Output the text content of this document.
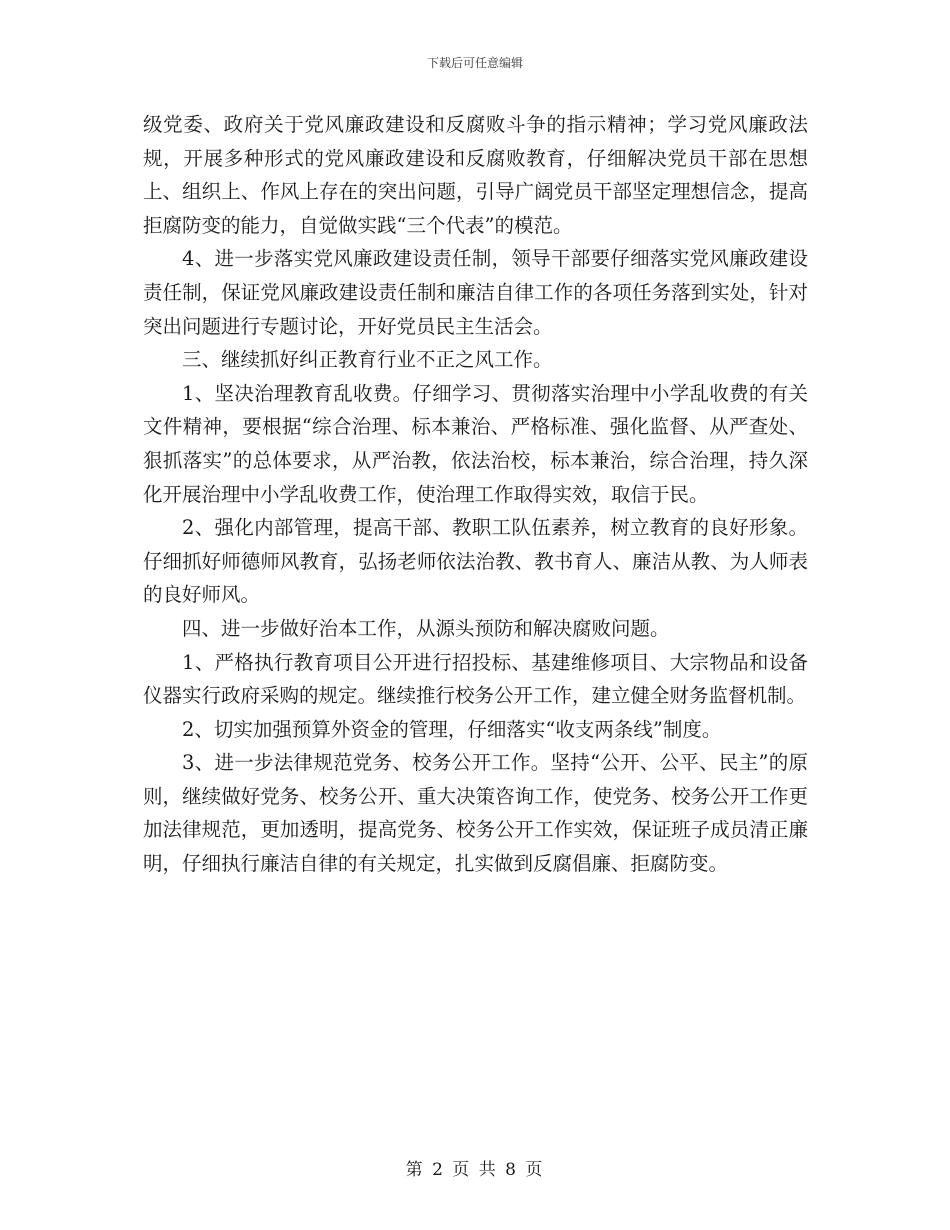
下载后可任意编辑

级党委、政府关于党风廉政建设和反腐败斗争的指示精神；学习党风廉政法规，开展多种形式的党风廉政建设和反腐败教育，仔细解决党员干部在思想上、组织上、作风上存在的突出问题，引导广阔党员干部坚定理想信念，提高拒腐防变的能力，自觉做实践“三个代表”的模范。

4、进一步落实党风廉政建设责任制，领导干部要仔细落实党风廉政建设责任制，保证党风廉政建设责任制和廉洁自律工作的各项任务落到实处，针对突出问题进行专题讨论，开好党员民主生活会。

三、继续抓好纠正教育行业不正之风工作。

1、坚决治理教育乱收费。仔细学习、贯彻落实治理中小学乱收费的有关文件精神，要根据“综合治理、标本兼治、严格标准、强化监督、从严查处、狠抓落实”的总体要求，从严治教，依法治校，标本兼治，综合治理，持久深化开展治理中小学乱收费工作，使治理工作取得实效，取信于民。

2、强化内部管理，提高干部、教职工队伍素养，树立教育的良好形象。仔细抓好师德师风教育，弘扬老师依法治教、教书育人、廉洁从教、为人师表的良好师风。

四、进一步做好治本工作，从源头预防和解决腐败问题。

1、严格执行教育项目公开进行招投标、基建维修项目、大宗物品和设备仪器实行政府采购的规定。继续推行校务公开工作，建立健全财务监督机制。

2、切实加强预算外资金的管理，仔细落实“收支两条线”制度。

3、进一步法律规范党务、校务公开工作。坚持“公开、公平、民主”的原则，继续做好党务、校务公开、重大决策咨询工作，使党务、校务公开工作更加法律规范，更加透明，提高党务、校务公开工作实效，保证班子成员清正廉明，仔细执行廉洁自律的有关规定，扎实做到反腐倡廉、拒腐防变。

第 2 页 共 8 页
